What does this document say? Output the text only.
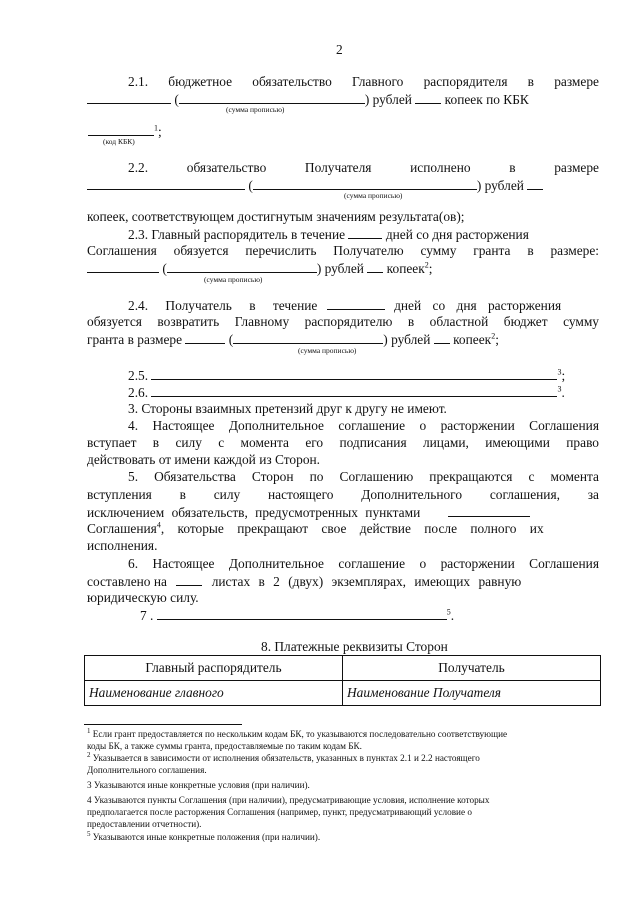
2
2.1. бюджетное обязательство Главного распорядителя в размере
(	) рублей копеек по КБК
(сумма прописью)
$^1$;
(код КБК)
2.2. обязательство Получателя исполнено в размере
(	) рублей
(сумма прописью)
копеек, соответствующем достигнутым значениям результата(ов);
2.3. Главный распорядитель в течение	дней со дня расторжения
Соглашения обязуется перечислить Получателю сумму гранта в размере:
(	) рублей копеек$^2$;
(сумма прописью)
2.4. Получатель в течение	дней со дня расторжения
обязуется возвратить Главному распорядителю в областной бюджет сумму
гранта в размере	(	) рублей копеек$^2$;
(сумма прописью)
2.5.	$^3$;
2.6.	$^3$.
3. Стороны взаимных претензий друг к другу не имеют.
4. Настоящее Дополнительное соглашение о расторжении Соглашения
вступает в силу с момента его подписания лицами, имеющими право
действовать от имени каждой из Сторон.
5. Обязательства Сторон по Соглашению прекращаются с момента
вступления в силу настоящего Дополнительного соглашения, за
исключением обязательств, предусмотренных пунктами
Соглашения$^4$, которые прекращают свое действие после полного их
исполнения.
6. Настоящее Дополнительное соглашение о расторжении Соглашения
составлено на	листах в 2 (двух) экземплярах, имеющих равную
юридическую силу.
7 .	$^5$.
8. Платежные реквизиты Сторон
Главный распорядитель	Получатель
Наименование главного	Наименование Получателя
$^1$ Если грант предоставляется по нескольким кодам БК, то указываются последовательно соответствующие
коды БК, а также суммы гранта, предоставляемые по таким кодам БК.
$^2$ Указывается в зависимости от исполнения обязательств, указанных в пунктах 2.1 и 2.2 настоящего
Дополнительного соглашения.
3 Указываются иные конкретные условия (при наличии).
4 Указываются пункты Соглашения (при наличии), предусматривающие условия, исполнение которых
предполагается после расторжения Соглашения (например, пункт, предусматривающий условие о
предоставлении отчетности).
$^5$ Указываются иные конкретные положения (при наличии).
